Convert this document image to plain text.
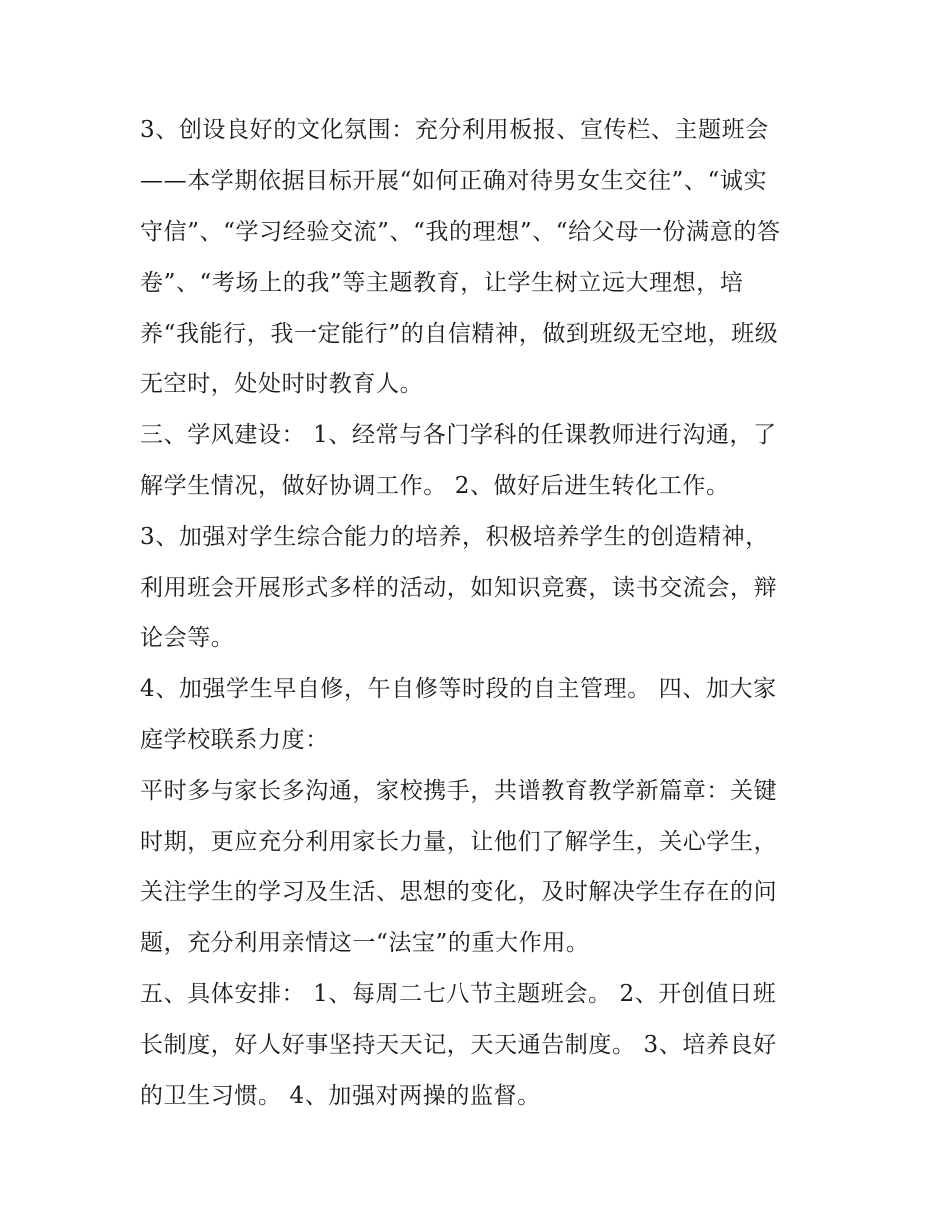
3、创设良好的文化氛围：充分利用板报、宣传栏、主题班会

——本学期依据目标开展“如何正确对待男女生交往”、“诚实

守信”、“学习经验交流”、“我的理想”、“给父母一份满意的答

卷”、“考场上的我”等主题教育，让学生树立远大理想，培

养“我能行，我一定能行”的自信精神，做到班级无空地，班级

无空时，处处时时教育人。

三、学风建设： 1、经常与各门学科的任课教师进行沟通，了

解学生情况，做好协调工作。 2、做好后进生转化工作。

3、加强对学生综合能力的培养，积极培养学生的创造精神，

利用班会开展形式多样的活动，如知识竞赛，读书交流会，辩

论会等。

4、加强学生早自修，午自修等时段的自主管理。 四、加大家

庭学校联系力度：

平时多与家长多沟通，家校携手，共谱教育教学新篇章：关键

时期，更应充分利用家长力量，让他们了解学生，关心学生，

关注学生的学习及生活、思想的变化，及时解决学生存在的问

题，充分利用亲情这一“法宝”的重大作用。

五、具体安排： 1、每周二七八节主题班会。 2、开创值日班

长制度，好人好事坚持天天记，天天通告制度。 3、培养良好

的卫生习惯。 4、加强对两操的监督。
